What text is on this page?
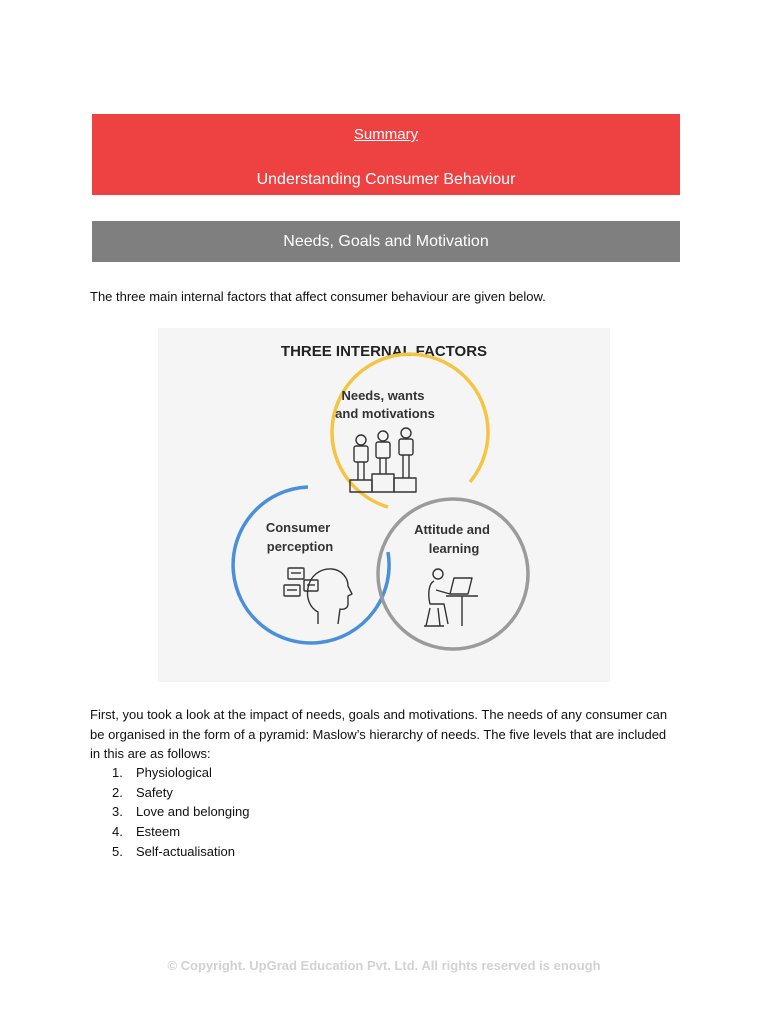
Summary
Understanding Consumer Behaviour
Needs, Goals and Motivation
The three main internal factors that affect consumer behaviour are given below.
THREE INTERNAL FACTORS
Needs, wants
and motivations
Consumer
perception
Attitude and
learning
First, you took a look at the impact of needs, goals and motivations. The needs of any consumer can be organised in the form of a pyramid: Maslow’s hierarchy of needs. The five levels that are included in this are as follows:
1. Physiological
2. Safety
3. Love and belonging
4. Esteem
5. Self-actualisation
© Copyright. UpGrad Education Pvt. Ltd. All rights reserved is enough
